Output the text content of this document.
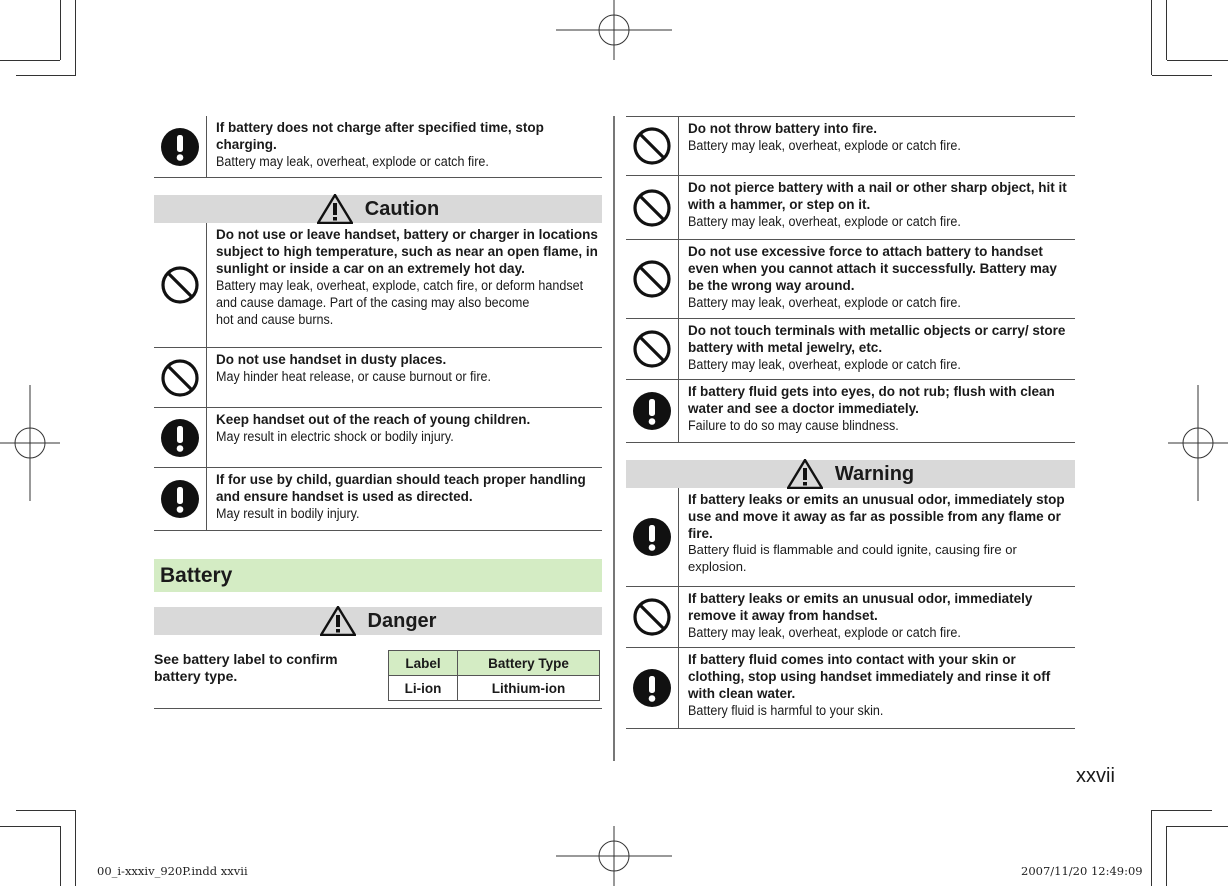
If battery does not charge after specified time, stop charging.
Battery may leak, overheat, explode or catch fire.
Caution
Do not use or leave handset, battery or charger in locations subject to high temperature, such as near an open flame, in sunlight or inside a car on an extremely hot day.
Battery may leak, overheat, explode, catch fire, or deform handset
and cause damage. Part of the casing may also become
hot and cause burns.
Do not use handset in dusty places.
May hinder heat release, or cause burnout or fire.
Keep handset out of the reach of young children.
May result in electric shock or bodily injury.
If for use by child, guardian should teach proper handling and ensure handset is used as directed.
May result in bodily injury.
Battery
Danger
See battery label to confirm battery type.
Label	Battery Type
Li-ion	Lithium-ion
Do not throw battery into fire.
Battery may leak, overheat, explode or catch fire.
Do not pierce battery with a nail or other sharp object, hit it with a hammer, or step on it.
Battery may leak, overheat, explode or catch fire.
Do not use excessive force to attach battery to handset even when you cannot attach it successfully. Battery may be the wrong way around.
Battery may leak, overheat, explode or catch fire.
Do not touch terminals with metallic objects or carry/ store battery with metal jewelry, etc.
Battery may leak, overheat, explode or catch fire.
If battery fluid gets into eyes, do not rub; flush with clean water and see a doctor immediately.
Failure to do so may cause blindness.
Warning
If battery leaks or emits an unusual odor, immediately stop use and move it away as far as possible from any flame or fire.
Battery fluid is flammable and could ignite, causing fire or explosion.
If battery leaks or emits an unusual odor, immediately remove it away from handset.
Battery may leak, overheat, explode or catch fire.
If battery fluid comes into contact with your skin or clothing, stop using handset immediately and rinse it off with clean water.
Battery fluid is harmful to your skin.
xxvii
00_i-xxxiv_920P.indd xxvii	2007/11/20 12:49:09
